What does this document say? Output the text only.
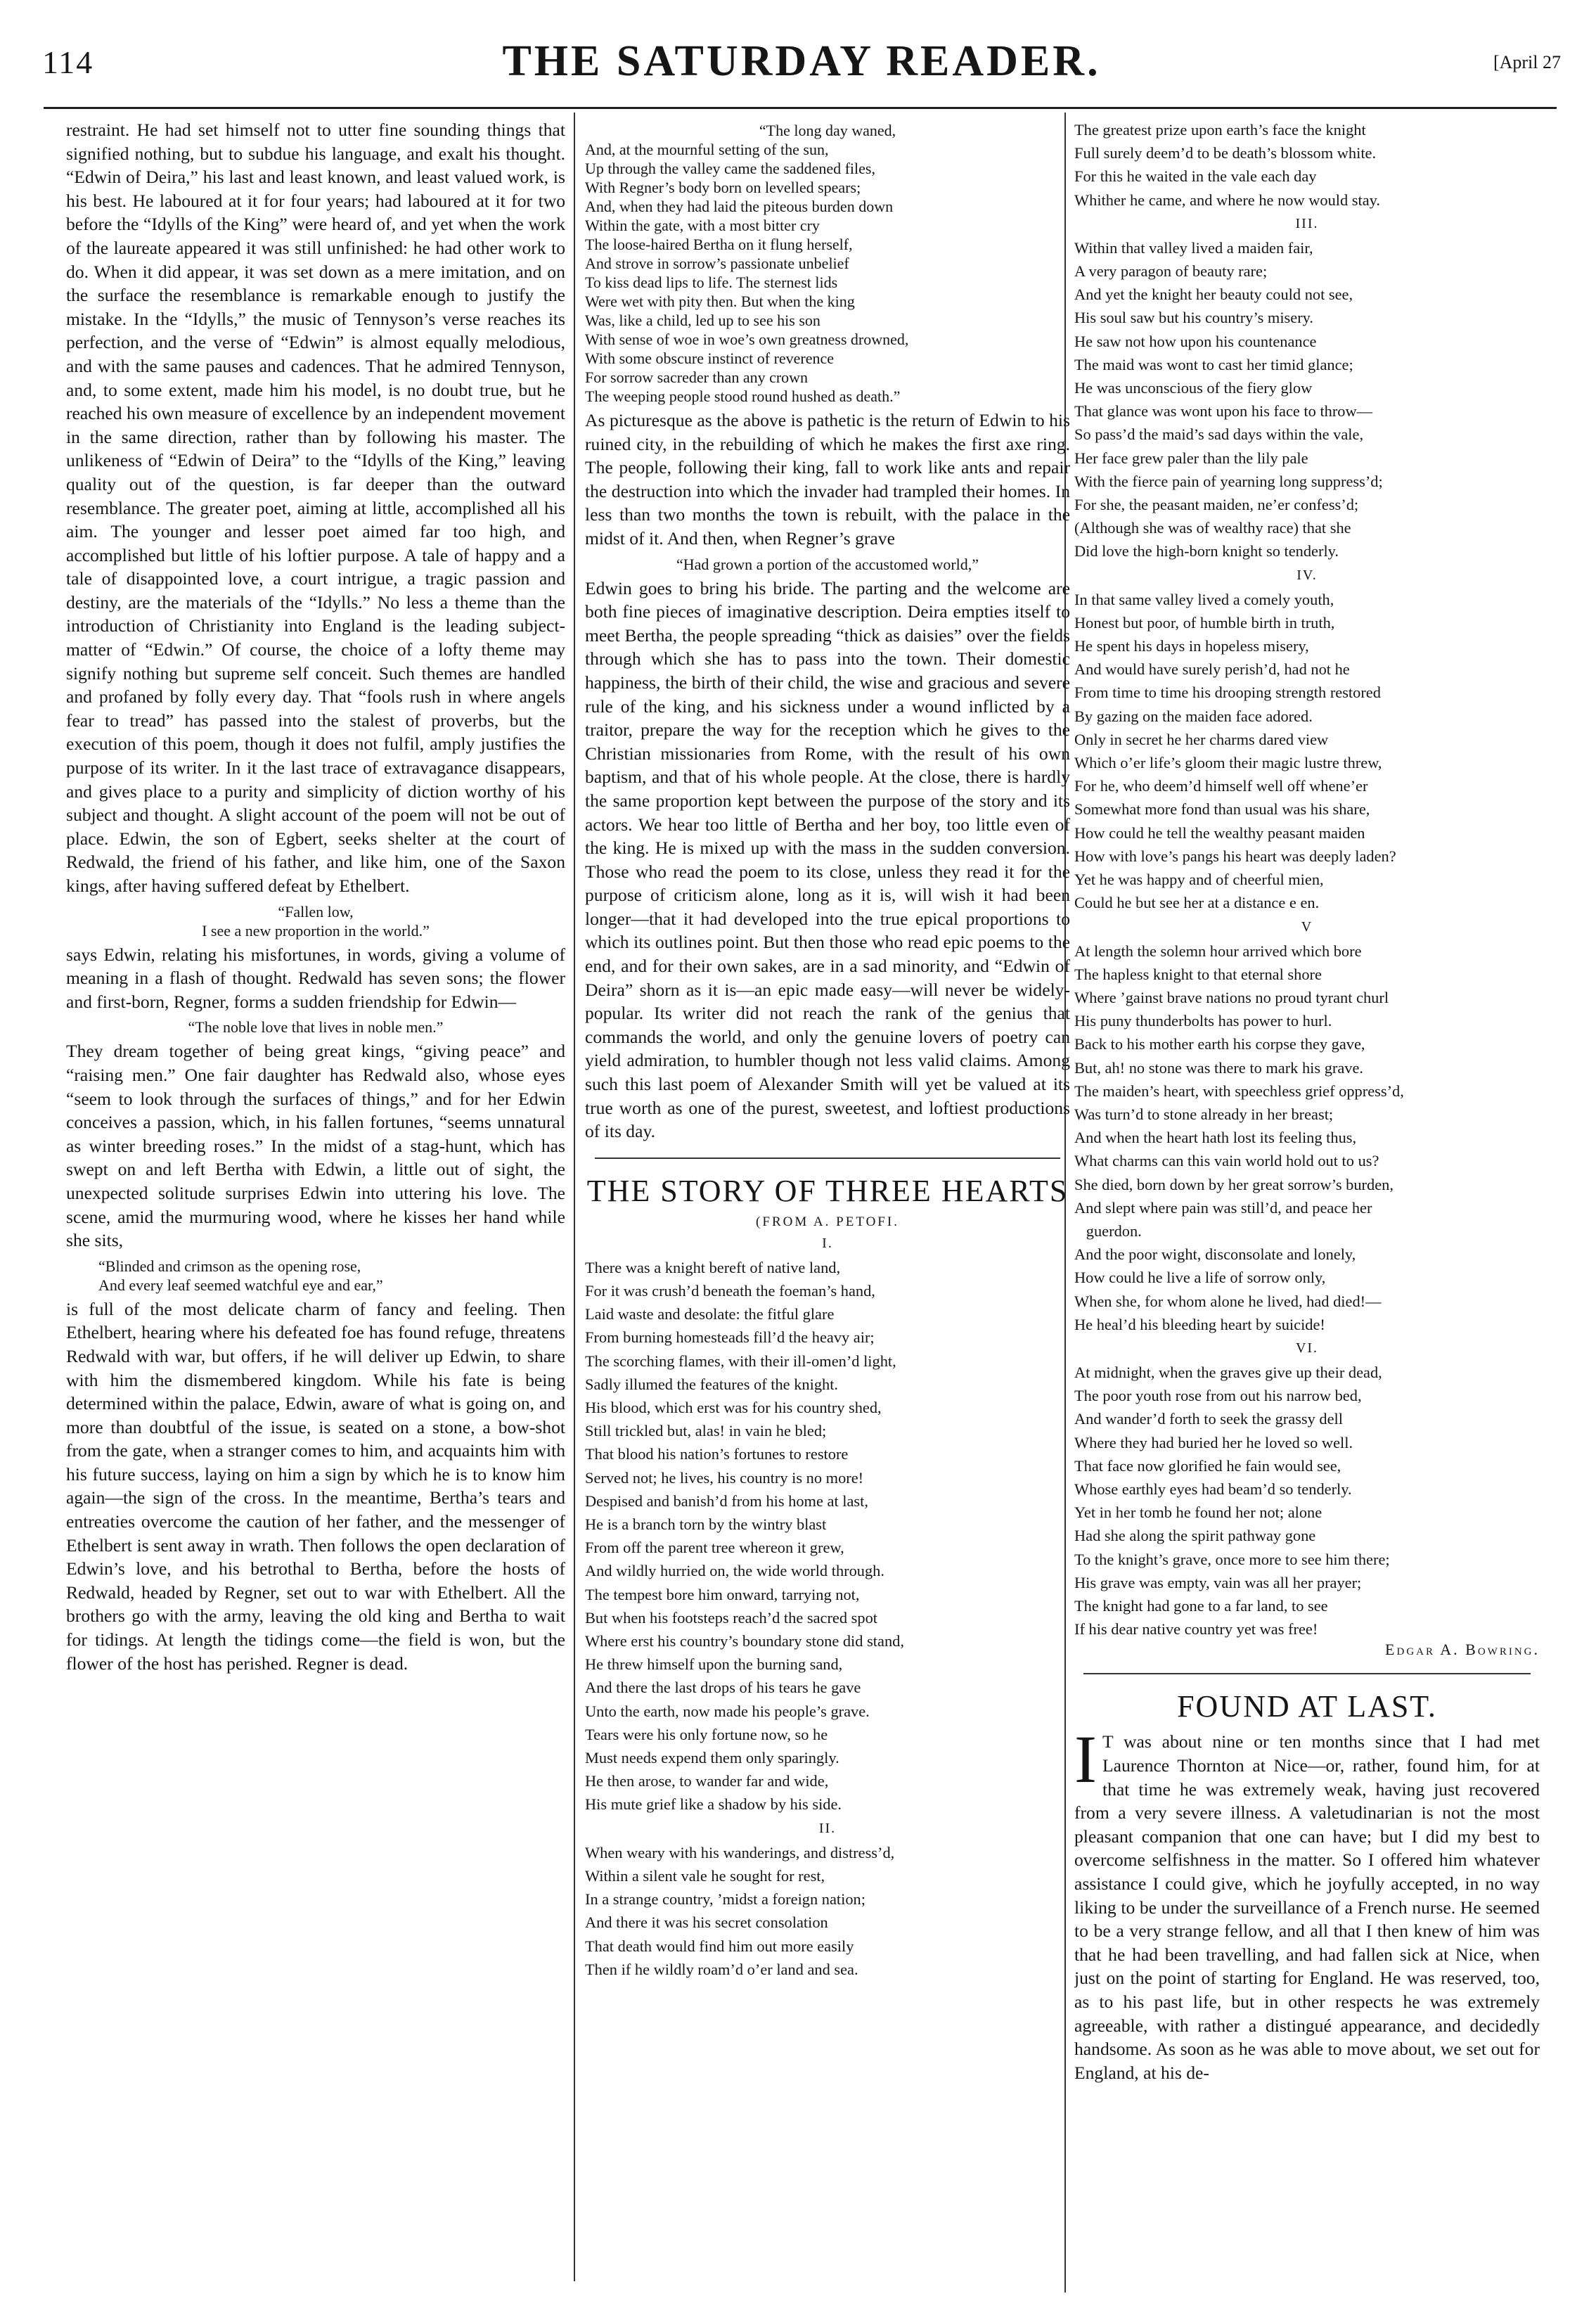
114	THE SATURDAY READER.	[April 27

restraint. He had set himself not to utter fine sounding things that signified nothing, but to subdue his language, and exalt his thought. “Edwin of Deira,” his last and least known, and least valued work, is his best. He laboured at it for four years; had laboured at it for two before the “Idylls of the King” were heard of, and yet when the work of the laureate appeared it was still unfinished: he had other work to do. When it did appear, it was set down as a mere imitation, and on the surface the resemblance is remarkable enough to justify the mistake. In the “Idylls,” the music of Tennyson’s verse reaches its perfection, and the verse of “Edwin” is almost equally melodious, and with the same pauses and cadences. That he admired Tennyson, and, to some extent, made him his model, is no doubt true, but he reached his own measure of excellence by an independent movement in the same direction, rather than by following his master. The unlikeness of “Edwin of Deira” to the “Idylls of the King,” leaving quality out of the question, is far deeper than the outward resemblance. The greater poet, aiming at little, accomplished all his aim. The younger and lesser poet aimed far too high, and accomplished but little of his loftier purpose. A tale of happy and a tale of disappointed love, a court intrigue, a tragic passion and destiny, are the materials of the “Idylls.” No less a theme than the introduction of Christianity into England is the leading subject-matter of “Edwin.” Of course, the choice of a lofty theme may signify nothing but supreme self conceit. Such themes are handled and profaned by folly every day. That “fools rush in where angels fear to tread” has passed into the stalest of proverbs, but the execution of this poem, though it does not fulfil, amply justifies the purpose of its writer. In it the last trace of extravagance disappears, and gives place to a purity and simplicity of diction worthy of his subject and thought. A slight account of the poem will not be out of place. Edwin, the son of Egbert, seeks shelter at the court of Redwald, the friend of his father, and like him, one of the Saxon kings, after having suffered defeat by Ethelbert.

“Fallen low,
I see a new proportion in the world.”

says Edwin, relating his misfortunes, in words, giving a volume of meaning in a flash of thought. Redwald has seven sons; the flower and first-born, Regner, forms a sudden friendship for Edwin—

“The noble love that lives in noble men.”

They dream together of being great kings, “giving peace” and “raising men.” One fair daughter has Redwald also, whose eyes “seem to look through the surfaces of things,” and for her Edwin conceives a passion, which, in his fallen fortunes, “seems unnatural as winter breeding roses.” In the midst of a stag-hunt, which has swept on and left Bertha with Edwin, a little out of sight, the unexpected solitude surprises Edwin into uttering his love. The scene, amid the murmuring wood, where he kisses her hand while she sits,

“Blinded and crimson as the opening rose,
And every leaf seemed watchful eye and ear,”

is full of the most delicate charm of fancy and feeling. Then Ethelbert, hearing where his defeated foe has found refuge, threatens Redwald with war, but offers, if he will deliver up Edwin, to share with him the dismembered kingdom. While his fate is being determined within the palace, Edwin, aware of what is going on, and more than doubtful of the issue, is seated on a stone, a bow-shot from the gate, when a stranger comes to him, and acquaints him with his future success, laying on him a sign by which he is to know him again—the sign of the cross. In the meantime, Bertha’s tears and entreaties overcome the caution of her father, and the messenger of Ethelbert is sent away in wrath. Then follows the open declaration of Edwin’s love, and his betrothal to Bertha, before the hosts of Redwald, headed by Regner, set out to war with Ethelbert. All the brothers go with the army, leaving the old king and Bertha to wait for tidings. At length the tidings come—the field is won, but the flower of the host has perished. Regner is dead.

“The long day waned,
And, at the mournful setting of the sun,
Up through the valley came the saddened files,
With Regner’s body born on levelled spears;
And, when they had laid the piteous burden down
Within the gate, with a most bitter cry
The loose-haired Bertha on it flung herself,
And strove in sorrow’s passionate unbelief
To kiss dead lips to life. The sternest lids
Were wet with pity then. But when the king
Was, like a child, led up to see his son
With sense of woe in woe’s own greatness drowned,
With some obscure instinct of reverence
For sorrow sacreder than any crown
The weeping people stood round hushed as death.”

As picturesque as the above is pathetic is the return of Edwin to his ruined city, in the rebuilding of which he makes the first axe ring. The people, following their king, fall to work like ants and repair the destruction into which the invader had trampled their homes. In less than two months the town is rebuilt, with the palace in the midst of it. And then, when Regner’s grave

“Had grown a portion of the accustomed world,”

Edwin goes to bring his bride. The parting and the welcome are both fine pieces of imaginative description. Deira empties itself to meet Bertha, the people spreading “thick as daisies” over the fields through which she has to pass into the town. Their domestic happiness, the birth of their child, the wise and gracious and severe rule of the king, and his sickness under a wound inflicted by a traitor, prepare the way for the reception which he gives to the Christian missionaries from Rome, with the result of his own baptism, and that of his whole people. At the close, there is hardly the same proportion kept between the purpose of the story and its actors. We hear too little of Bertha and her boy, too little even of the king. He is mixed up with the mass in the sudden conversion. Those who read the poem to its close, unless they read it for the purpose of criticism alone, long as it is, will wish it had been longer—that it had developed into the true epical proportions to which its outlines point. But then those who read epic poems to the end, and for their own sakes, are in a sad minority, and “Edwin of Deira” shorn as it is—an epic made easy—will never be widely-popular. Its writer did not reach the rank of the genius that commands the world, and only the genuine lovers of poetry can yield admiration, to humbler though not less valid claims. Among such this last poem of Alexander Smith will yet be valued at its true worth as one of the purest, sweetest, and loftiest productions of its day.

THE STORY OF THREE HEARTS
(FROM A. PETOFI.
I.
There was a knight bereft of native land,
For it was crush’d beneath the foeman’s hand,
Laid waste and desolate: the fitful glare
From burning homesteads fill’d the heavy air;
The scorching flames, with their ill-omen’d light,
Sadly illumed the features of the knight.
His blood, which erst was for his country shed,
Still trickled but, alas! in vain he bled;
That blood his nation’s fortunes to restore
Served not; he lives, his country is no more!
Despised and banish’d from his home at last,
He is a branch torn by the wintry blast
From off the parent tree whereon it grew,
And wildly hurried on, the wide world through.
The tempest bore him onward, tarrying not,
But when his footsteps reach’d the sacred spot
Where erst his country’s boundary stone did stand,
He threw himself upon the burning sand,
And there the last drops of his tears he gave
Unto the earth, now made his people’s grave.
Tears were his only fortune now, so he
Must needs expend them only sparingly.
He then arose, to wander far and wide,
His mute grief like a shadow by his side.
II.
When weary with his wanderings, and distress’d,
Within a silent vale he sought for rest,
In a strange country, ’midst a foreign nation;
And there it was his secret consolation
That death would find him out more easily
Then if he wildly roam’d o’er land and sea.
The greatest prize upon earth’s face the knight
Full surely deem’d to be death’s blossom white.
For this he waited in the vale each day
Whither he came, and where he now would stay.
III.
Within that valley lived a maiden fair,
A very paragon of beauty rare;
And yet the knight her beauty could not see,
His soul saw but his country’s misery.
He saw not how upon his countenance
The maid was wont to cast her timid glance;
He was unconscious of the fiery glow
That glance was wont upon his face to throw—
So pass’d the maid’s sad days within the vale,
Her face grew paler than the lily pale
With the fierce pain of yearning long suppress’d;
For she, the peasant maiden, ne’er confess’d;
(Although she was of wealthy race) that she
Did love the high-born knight so tenderly.
IV.
In that same valley lived a comely youth,
Honest but poor, of humble birth in truth,
He spent his days in hopeless misery,
And would have surely perish’d, had not he
From time to time his drooping strength restored
By gazing on the maiden face adored.
Only in secret he her charms dared view
Which o’er life’s gloom their magic lustre threw,
For he, who deem’d himself well off whene’er
Somewhat more fond than usual was his share,
How could he tell the wealthy peasant maiden
How with love’s pangs his heart was deeply laden?
Yet he was happy and of cheerful mien,
Could he but see her at a distance e en.
V
At length the solemn hour arrived which bore
The hapless knight to that eternal shore
Where ’gainst brave nations no proud tyrant churl
His puny thunderbolts has power to hurl.
Back to his mother earth his corpse they gave,
But, ah! no stone was there to mark his grave.
The maiden’s heart, with speechless grief oppress’d,
Was turn’d to stone already in her breast;
And when the heart hath lost its feeling thus,
What charms can this vain world hold out to us?
She died, born down by her great sorrow’s burden,
And slept where pain was still’d, and peace her
guerdon.
And the poor wight, disconsolate and lonely,
How could he live a life of sorrow only,
When she, for whom alone he lived, had died!—
He heal’d his bleeding heart by suicide!
VI.
At midnight, when the graves give up their dead,
The poor youth rose from out his narrow bed,
And wander’d forth to seek the grassy dell
Where they had buried her he loved so well.
That face now glorified he fain would see,
Whose earthly eyes had beam’d so tenderly.
Yet in her tomb he found her not; alone
Had she along the spirit pathway gone
To the knight’s grave, once more to see him there;
His grave was empty, vain was all her prayer;
The knight had gone to a far land, to see
If his dear native country yet was free!
Edgar A. Bowring.
FOUND AT LAST.
I T was about nine or ten months since that I had met Laurence Thornton at Nice—or, rather, found him, for at that time he was extremely weak, having just recovered from a very severe illness. A valetudinarian is not the most pleasant companion that one can have; but I did my best to overcome selfishness in the matter. So I offered him whatever assistance I could give, which he joyfully accepted, in no way liking to be under the surveillance of a French nurse. He seemed to be a very strange fellow, and all that I then knew of him was that he had been travelling, and had fallen sick at Nice, when just on the point of starting for England. He was reserved, too, as to his past life, but in other respects he was extremely agreeable, with rather a distingué appearance, and decidedly handsome. As soon as he was able to move about, we set out for England, at his de-
